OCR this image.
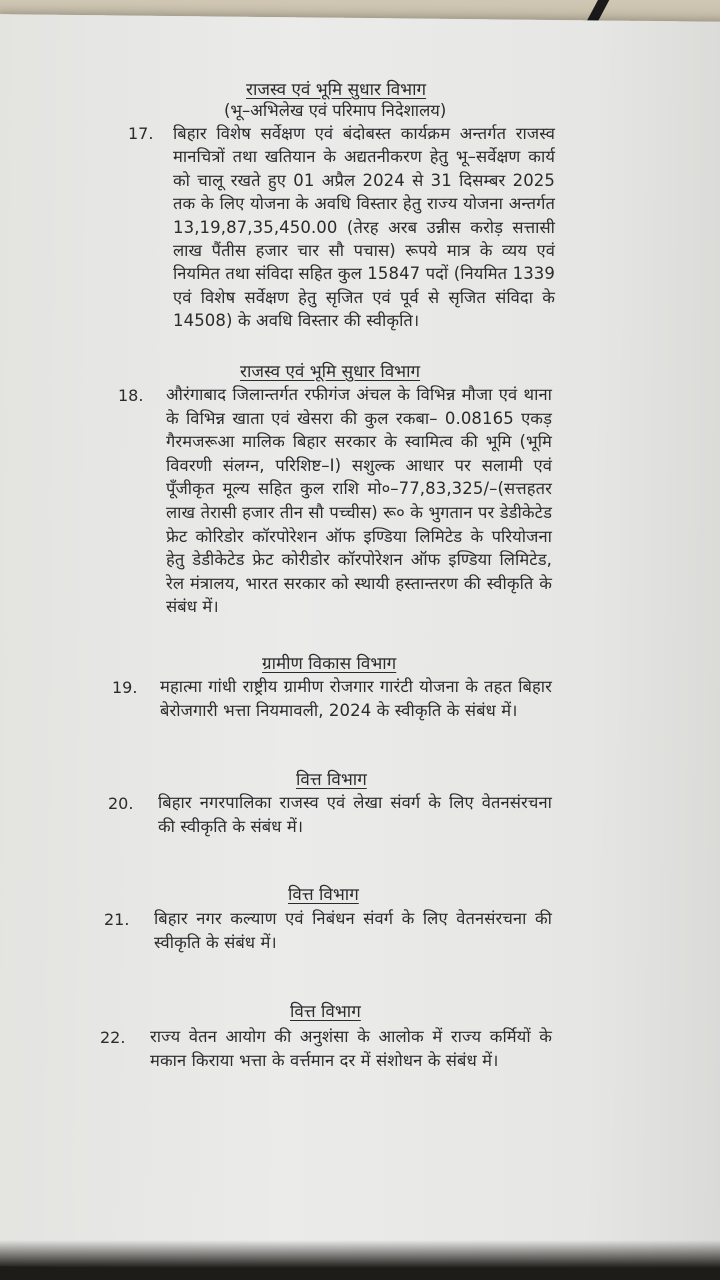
राजस्व एवं भूमि सुधार विभाग
(भू–अभिलेख एवं परिमाप निदेशालय)
17. बिहार विशेष सर्वेक्षण एवं बंदोबस्त कार्यक्रम अन्तर्गत राजस्व मानचित्रों तथा खतियान के अद्यतनीकरण हेतु भू–सर्वेक्षण कार्य को चालू रखते हुए 01 अप्रैल 2024 से 31 दिसम्बर 2025 तक के लिए योजना के अवधि विस्तार हेतु राज्य योजना अन्तर्गत 13,19,87,35,450.00 (तेरह अरब उन्नीस करोड़ सत्तासी लाख पैंतीस हजार चार सौ पचास) रूपये मात्र के व्यय एवं नियमित तथा संविदा सहित कुल 15847 पदों (नियमित 1339 एवं विशेष सर्वेक्षण हेतु सृजित एवं पूर्व से सृजित संविदा के 14508) के अवधि विस्तार की स्वीकृति।
राजस्व एवं भूमि सुधार विभाग
18. औरंगाबाद जिलान्तर्गत रफीगंज अंचल के विभिन्न मौजा एवं थाना के विभिन्न खाता एवं खेसरा की कुल रकबा– 0.08165 एकड़ गैरमजरूआ मालिक बिहार सरकार के स्वामित्व की भूमि (भूमि विवरणी संलग्न, परिशिष्ट–I) सशुल्क आधार पर सलामी एवं पूँजीकृत मूल्य सहित कुल राशि मो०–77,83,325/–(सत्तहतर लाख तेरासी हजार तीन सौ पच्चीस) रू० के भुगतान पर डेडीकेटेड फ्रेट कोरिडोर कॉरपोरेशन ऑफ इण्डिया लिमिटेड के परियोजना हेतु डेडीकेटेड फ्रेट कोरीडोर कॉरपोरेशन ऑफ इण्डिया लिमिटेड, रेल मंत्रालय, भारत सरकार को स्थायी हस्तान्तरण की स्वीकृति के संबंध में।
ग्रामीण विकास विभाग
19. महात्मा गांधी राष्ट्रीय ग्रामीण रोजगार गारंटी योजना के तहत बिहार बेरोजगारी भत्ता नियमावली, 2024 के स्वीकृति के संबंध में।
वित्त विभाग
20. बिहार नगरपालिका राजस्व एवं लेखा संवर्ग के लिए वेतनसंरचना की स्वीकृति के संबंध में।
वित्त विभाग
21. बिहार नगर कल्याण एवं निबंधन संवर्ग के लिए वेतनसंरचना की स्वीकृति के संबंध में।
वित्त विभाग
22. राज्य वेतन आयोग की अनुशंसा के आलोक में राज्य कर्मियों के मकान किराया भत्ता के वर्त्तमान दर में संशोधन के संबंध में।
